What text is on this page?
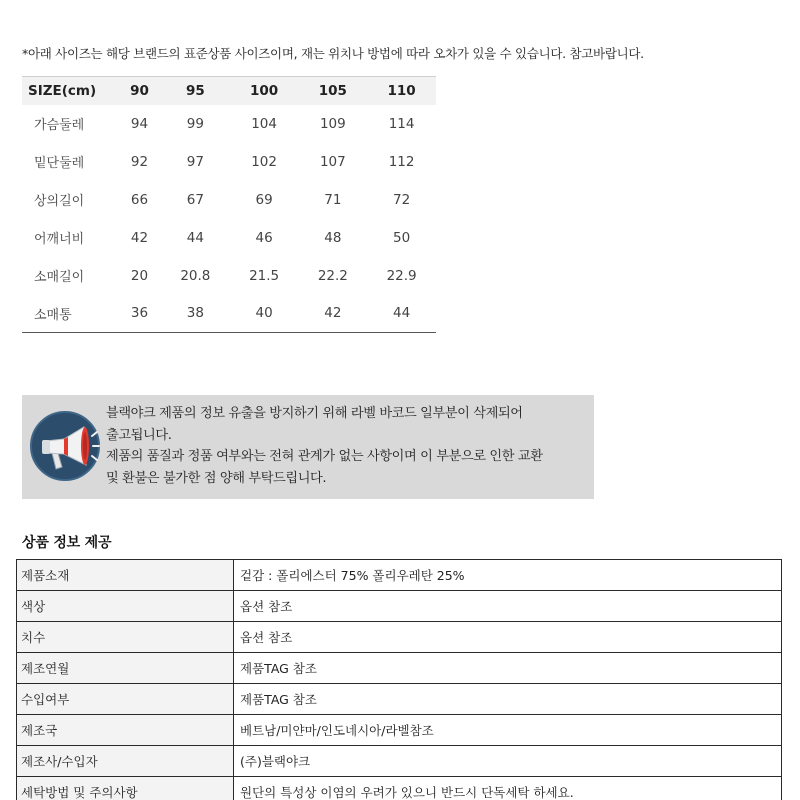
*아래 사이즈는 해당 브랜드의 표준상품 사이즈이며, 재는 위치나 방법에 따라 오차가 있을 수 있습니다. 참고바랍니다.
SIZE(cm)	90	95	100	105	110
가슴둘레	94	99	104	109	114
밑단둘레	92	97	102	107	112
상의길이	66	67	69	71	72
어깨너비	42	44	46	48	50
소매길이	20	20.8	21.5	22.2	22.9
소매통	36	38	40	42	44
블랙야크 제품의 정보 유출을 방지하기 위해 라벨 바코드 일부분이 삭제되어
출고됩니다.
제품의 품질과 정품 여부와는 전혀 관계가 없는 사항이며 이 부분으로 인한 교환
및 환불은 불가한 점 양해 부탁드립니다.
상품 정보 제공
제품소재	겉감 : 폴리에스터 75% 폴리우레탄 25%
색상	옵션 참조
치수	옵션 참조
제조연월	제품TAG 참조
수입여부	제품TAG 참조
제조국	베트남/미얀마/인도네시아/라벨참조
제조사/수입자	(주)블랙야크
세탁방법 및 주의사항	원단의 특성상 이염의 우려가 있으니 반드시 단독세탁 하세요.
